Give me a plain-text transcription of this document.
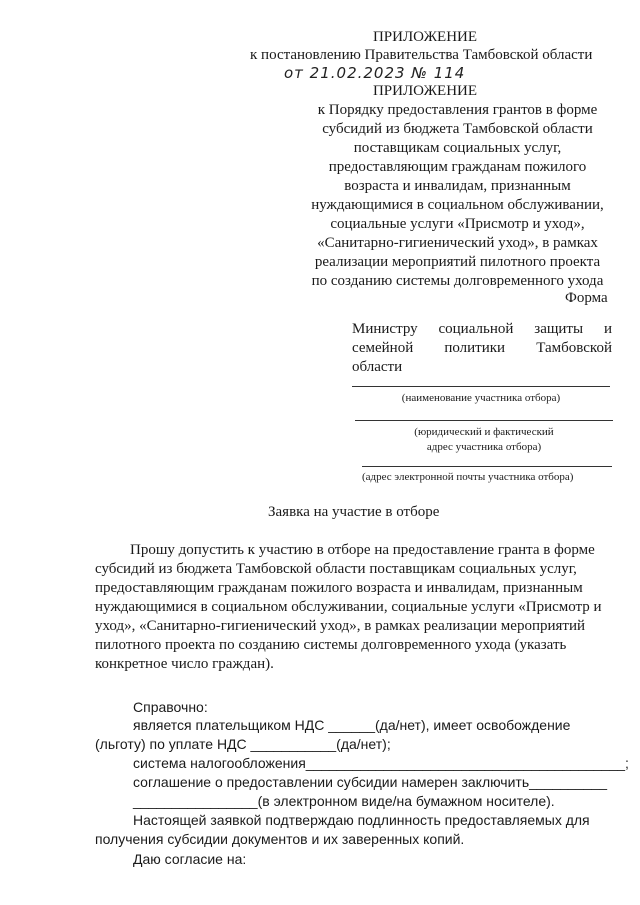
ПРИЛОЖЕНИЕ
к постановлению Правительства Тамбовской области
от 21.02.2023 № 114
ПРИЛОЖЕНИЕ
к Порядку предоставления грантов в форме
субсидий из бюджета Тамбовской области
поставщикам социальных услуг,
предоставляющим гражданам пожилого
возраста и инвалидам, признанным
нуждающимися в социальном обслуживании,
социальные услуги «Присмотр и уход»,
«Санитарно-гигиенический уход», в рамках
реализации мероприятий пилотного проекта
по созданию системы долговременного ухода
Форма
Министру социальной защиты и
семейной политики Тамбовской
области
(наименование участника отбора)
(юридический и фактический
адрес участника отбора)
(адрес электронной почты участника отбора)
Заявка на участие в отборе
Прошу допустить к участию в отборе на предоставление гранта в форме
субсидий из бюджета Тамбовской области поставщикам социальных услуг,
предоставляющим гражданам пожилого возраста и инвалидам, признанным
нуждающимися в социальном обслуживании, социальные услуги «Присмотр и
уход», «Санитарно-гигиенический уход», в рамках реализации мероприятий
пилотного проекта по созданию системы долговременного ухода (указать
конкретное число граждан).
Справочно:
является плательщиком НДС ______(да/нет), имеет освобождение
(льготу) по уплате НДС ___________(да/нет);
система налогообложения_________________________________________;
соглашение о предоставлении субсидии намерен заключить__________
________________(в электронном виде/на бумажном носителе).
Настоящей заявкой подтверждаю подлинность предоставляемых для
получения субсидии документов и их заверенных копий.
Даю согласие на:
